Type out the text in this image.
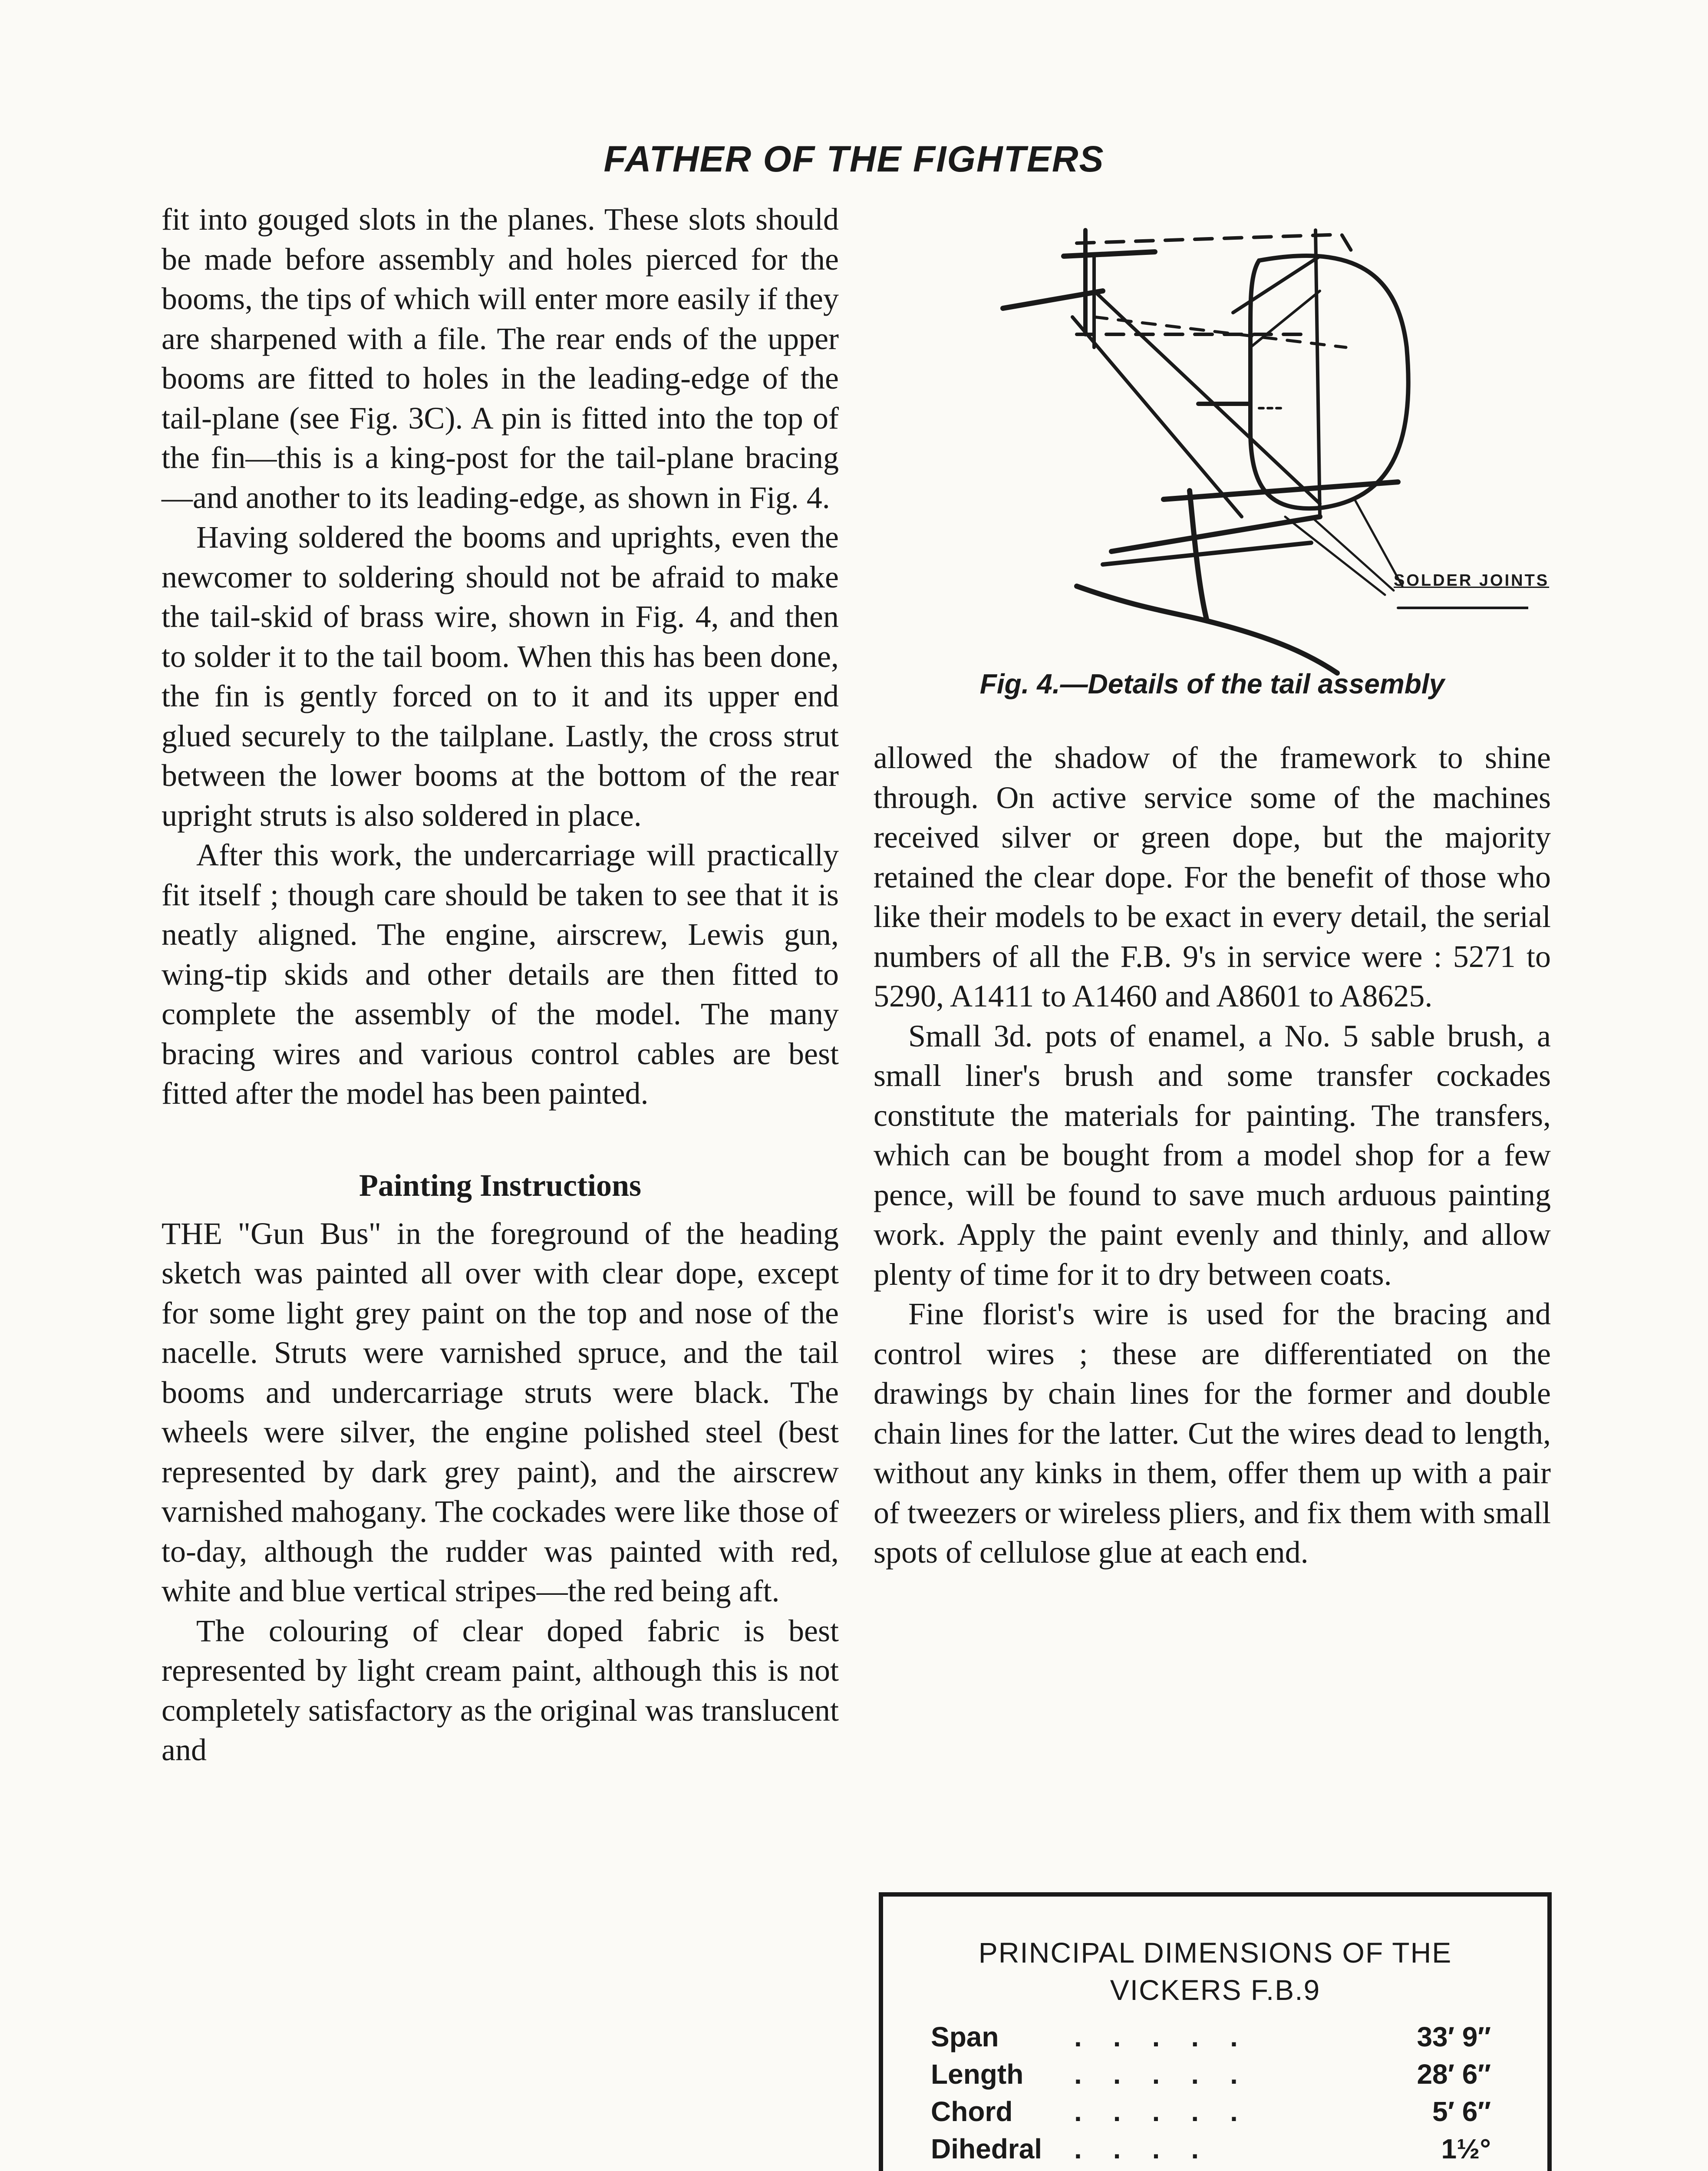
FATHER OF THE FIGHTERS

fit into gouged slots in the planes. These slots should be made before assembly and holes pierced for the booms, the tips of which will enter more easily if they are sharpened with a file. The rear ends of the upper booms are fitted to holes in the leading-edge of the tail-plane (see Fig. 3C). A pin is fitted into the top of the fin—this is a king-post for the tail-plane bracing—and another to its leading-edge, as shown in Fig. 4.

Having soldered the booms and uprights, even the newcomer to soldering should not be afraid to make the tail-skid of brass wire, shown in Fig. 4, and then to solder it to the tail boom. When this has been done, the fin is gently forced on to it and its upper end glued securely to the tailplane. Lastly, the cross strut between the lower booms at the bottom of the rear upright struts is also soldered in place.

After this work, the undercarriage will practically fit itself ; though care should be taken to see that it is neatly aligned. The engine, airscrew, Lewis gun, wing-tip skids and other details are then fitted to complete the assembly of the model. The many bracing wires and various control cables are best fitted after the model has been painted.

Painting Instructions

THE "Gun Bus" in the foreground of the heading sketch was painted all over with clear dope, except for some light grey paint on the top and nose of the nacelle. Struts were varnished spruce, and the tail booms and undercarriage struts were black. The wheels were silver, the engine polished steel (best represented by dark grey paint), and the airscrew varnished mahogany. The cockades were like those of to-day, although the rudder was painted with red, white and blue vertical stripes—the red being aft.

The colouring of clear doped fabric is best represented by light cream paint, although this is not completely satisfactory as the original was translucent and

SOLDER JOINTS
Fig. 4.—Details of the tail assembly

allowed the shadow of the framework to shine through. On active service some of the machines received silver or green dope, but the majority retained the clear dope. For the benefit of those who like their models to be exact in every detail, the serial numbers of all the F.B. 9's in service were : 5271 to 5290, A1411 to A1460 and A8601 to A8625.

Small 3d. pots of enamel, a No. 5 sable brush, a small liner's brush and some transfer cockades constitute the materials for painting. The transfers, which can be bought from a model shop for a few pence, will be found to save much arduous painting work. Apply the paint evenly and thinly, and allow plenty of time for it to dry between coats.

Fine florist's wire is used for the bracing and control wires ; these are differentiated on the drawings by chain lines for the former and double chain lines for the latter. Cut the wires dead to length, without any kinks in them, offer them up with a pair of tweezers or wireless pliers, and fix them with small spots of cellulose glue at each end.

PRINCIPAL DIMENSIONS OF THE
VICKERS F.B.9
Span	.....	33′ 9″
Length	.....	28′ 6″
Chord	.....	5′ 6″
Dihedral	....	1½°
